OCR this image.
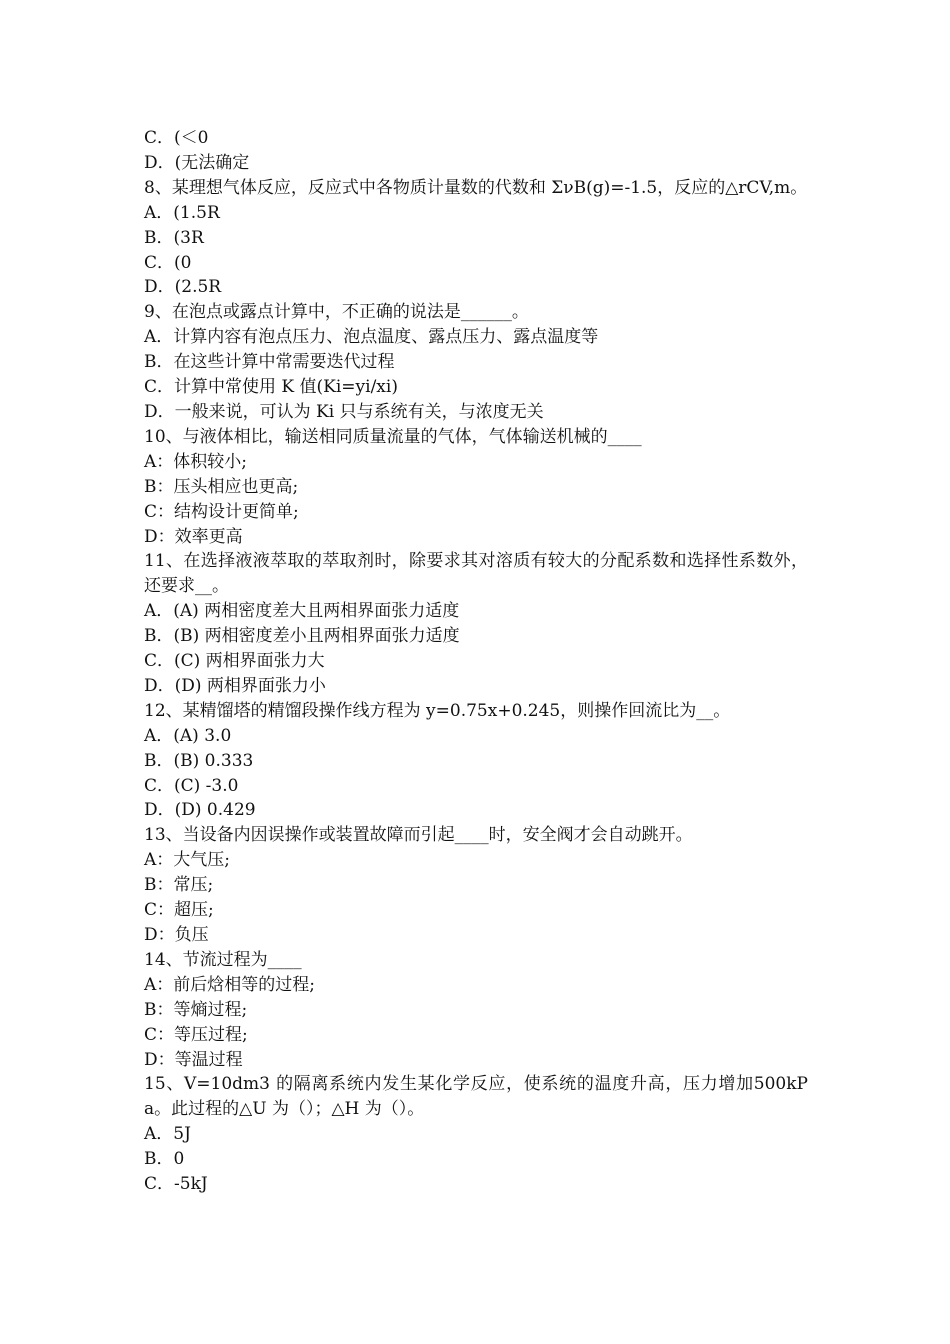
C．(＜0

D．(无法确定

8、某理想气体反应，反应式中各物质计量数的代数和 ΣνB(g)=-1.5，反应的△rCV,m。

A．(1.5R

B．(3R

C．(0

D．(2.5R

9、在泡点或露点计算中，不正确的说法是______。

A．计算内容有泡点压力、泡点温度、露点压力、露点温度等

B．在这些计算中常需要迭代过程

C．计算中常使用 K 值(Ki=yi/xi)

D．一般来说，可认为 Ki 只与系统有关，与浓度无关

10、与液体相比，输送相同质量流量的气体，气体输送机械的____

A：体积较小;

B：压头相应也更高;

C：结构设计更简单;

D：效率更高

11、在选择液液萃取的萃取剂时，除要求其对溶质有较大的分配系数和选择性系数外，还要求__。

A．(A) 两相密度差大且两相界面张力适度

B．(B) 两相密度差小且两相界面张力适度

C．(C) 两相界面张力大

D．(D) 两相界面张力小

12、某精馏塔的精馏段操作线方程为 y=0.75x+0.245，则操作回流比为__。

A．(A) 3.0

B．(B) 0.333

C．(C) -3.0

D．(D) 0.429

13、当设备内因误操作或装置故障而引起____时，安全阀才会自动跳开。

A：大气压;

B：常压;

C：超压;

D：负压

14、节流过程为____

A：前后焓相等的过程;

B：等熵过程;

C：等压过程;

D：等温过程

15、V=10dm3 的隔离系统内发生某化学反应，使系统的温度升高，压力增加500kPa。此过程的△U 为（）；△H 为（）。

A．5J

B．0

C．-5kJ
